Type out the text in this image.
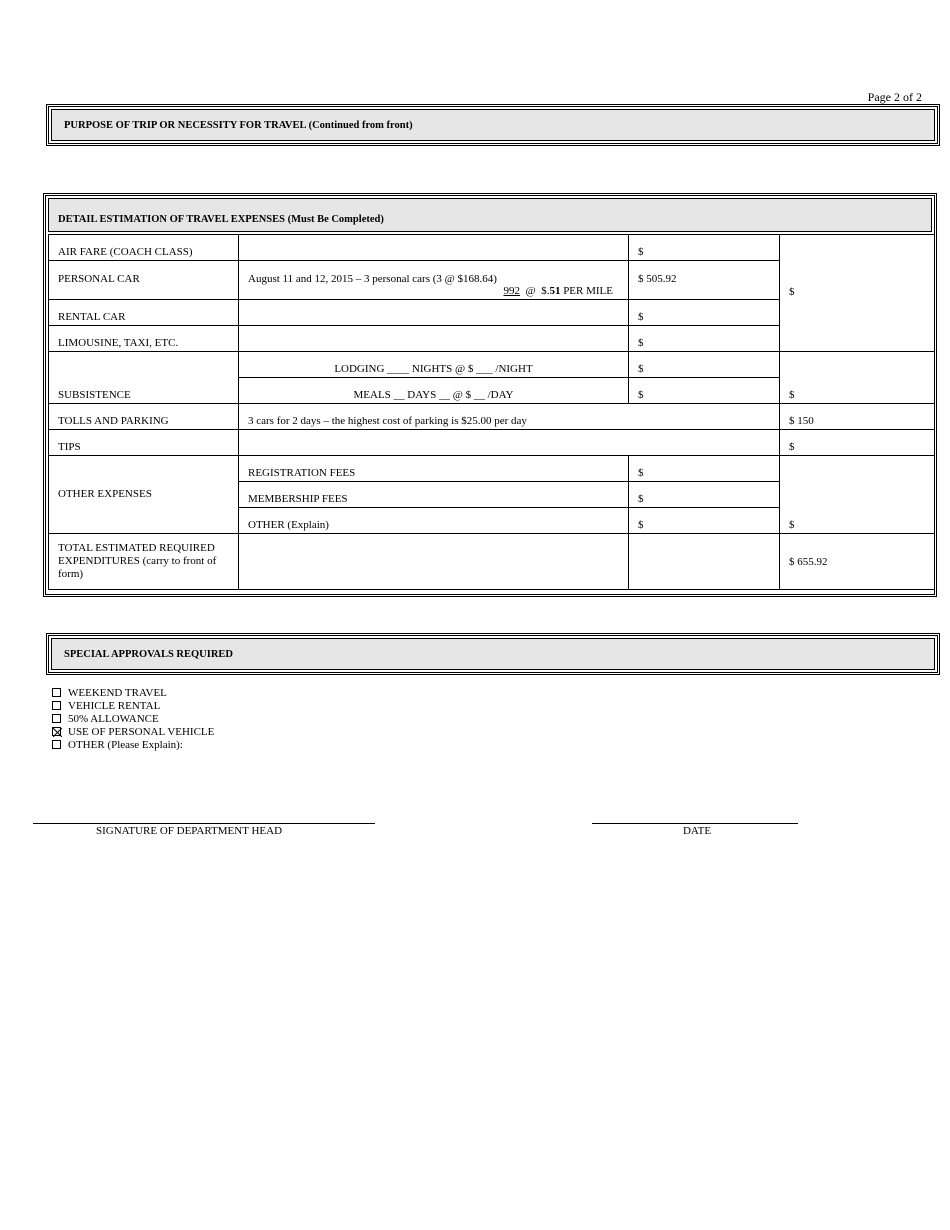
Page 2 of 2
PURPOSE OF TRIP OR NECESSITY FOR TRAVEL (Continued from front)
DETAIL ESTIMATION OF TRAVEL EXPENSES (Must Be Completed)
AIR FARE (COACH CLASS)		$	$
PERSONAL CAR	August 11 and 12, 2015 – 3 personal cars (3 @ $168.64)
992 @ $.51 PER MILE	$ 505.92	
RENTAL CAR		$	
LIMOUSINE, TAXI, ETC.		$	
SUBSISTENCE	LODGING ____ NIGHTS @ $ ___ /NIGHT	$	$
	MEALS __ DAYS __ @ $ __ /DAY	$	
TOLLS AND PARKING	3 cars for 2 days – the highest cost of parking is $25.00 per day		$ 150
TIPS			$
OTHER EXPENSES	REGISTRATION FEES	$	$
	MEMBERSHIP FEES	$	
	OTHER (Explain)	$	
TOTAL ESTIMATED REQUIRED EXPENDITURES (carry to front of form)			$ 655.92
SPECIAL APPROVALS REQUIRED
WEEKEND TRAVEL
VEHICLE RENTAL
50% ALLOWANCE
USE OF PERSONAL VEHICLE
OTHER (Please Explain):
SIGNATURE OF DEPARTMENT HEAD	DATE
